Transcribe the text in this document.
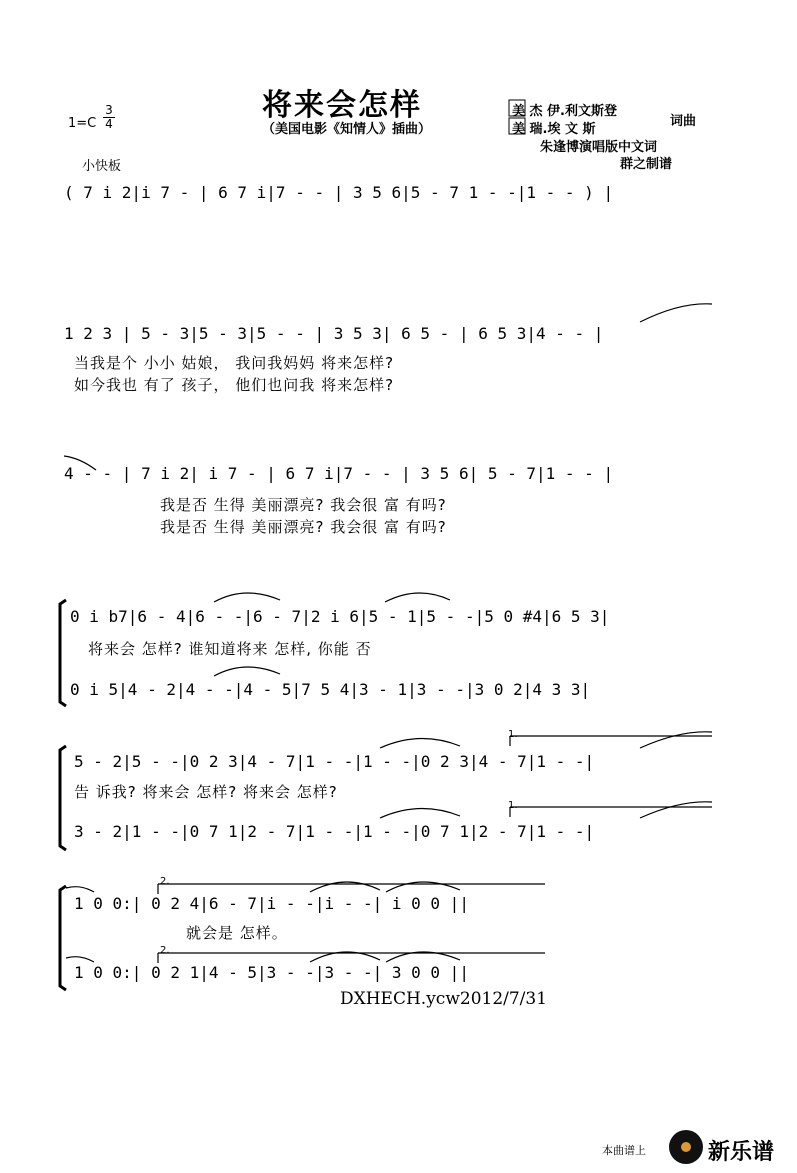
将来会怎样
（美国电影《知情人》插曲）
1=C
3
4
美 杰 伊.利文斯登
美 瑞.埃 文 斯
词曲
朱逢博演唱版中文词
群之制谱
小快板
( 7 i 2|i 7 - | 6 7 i|7 - - | 3 5 6|5 - 7 1 - -|1 - - ) |
1 2 3 | 5 - 3|5 - 3|5 - - | 3 5 3| 6 5 - | 6 5 3|4 - - |
当我是个 小小 姑娘， 我问我妈妈 将来怎样?
如今我也 有了 孩子， 他们也问我 将来怎样?
4 - - | 7 i 2| i 7 - | 6 7 i|7 - - | 3 5 6| 5 - 7|1 - - |
我是否 生得 美丽漂亮? 我会很 富 有吗?
我是否 生得 美丽漂亮? 我会很 富 有吗?
0 i b7|6 - 4|6 - -|6 - 7|2 i 6|5 - 1|5 - -|5 0 #4|6 5 3|
将来会 怎样? 谁知道将来 怎样, 你能 否
0 i 5|4 - 2|4 - -|4 - 5|7 5 4|3 - 1|3 - -|3 0 2|4 3 3|
5 - 2|5 - -|0 2 3|4 - 7|1 - -|1 - -|0 2 3|4 - 7|1 - -|
告 诉我? 将来会 怎样? 将来会 怎样?
3 - 2|1 - -|0 7 1|2 - 7|1 - -|1 - -|0 7 1|2 - 7|1 - -|
1.
1.
2.
2.
1 0 0:| 0 2 4|6 - 7|i - -|i - -| i 0 0 ||
就会是 怎样。
1 0 0:| 0 2 1|4 - 5|3 - -|3 - -| 3 0 0 ||
DXHECH.ycw2012/7/31
本曲谱上	新乐谱
